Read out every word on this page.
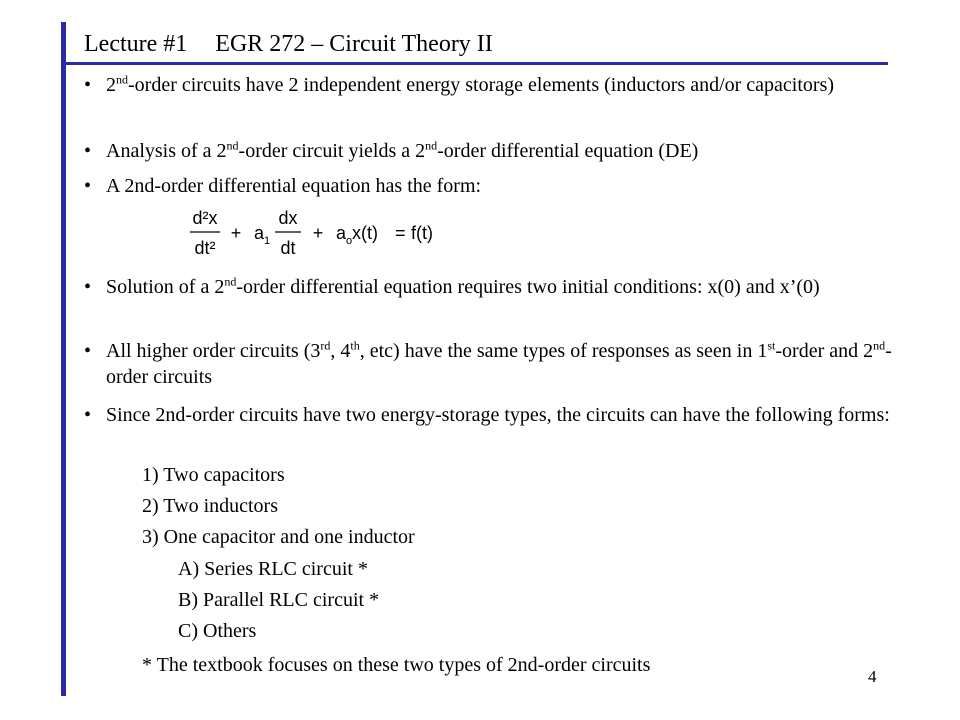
Lecture #1 EGR 272 – Circuit Theory II
• 2nd-order circuits have 2 independent energy storage elements (inductors and/or capacitors)
• Analysis of a 2nd-order circuit yields a 2nd-order differential equation (DE)
• A 2nd-order differential equation has the form:
• Solution of a 2nd-order differential equation requires two initial conditions: x(0) and x’(0)
• All higher order circuits (3rd, 4th, etc) have the same types of responses as seen in 1st-order and 2nd-order circuits
• Since 2nd-order circuits have two energy-storage types, the circuits can have the following forms:
1) Two capacitors
2) Two inductors
3) One capacitor and one inductor
A) Series RLC circuit *
B) Parallel RLC circuit *
C) Others
* The textbook focuses on these two types of 2nd-order circuits
d²x
dt²
+ a 1
dx
dt
+ a o x(t) = f(t)
4
